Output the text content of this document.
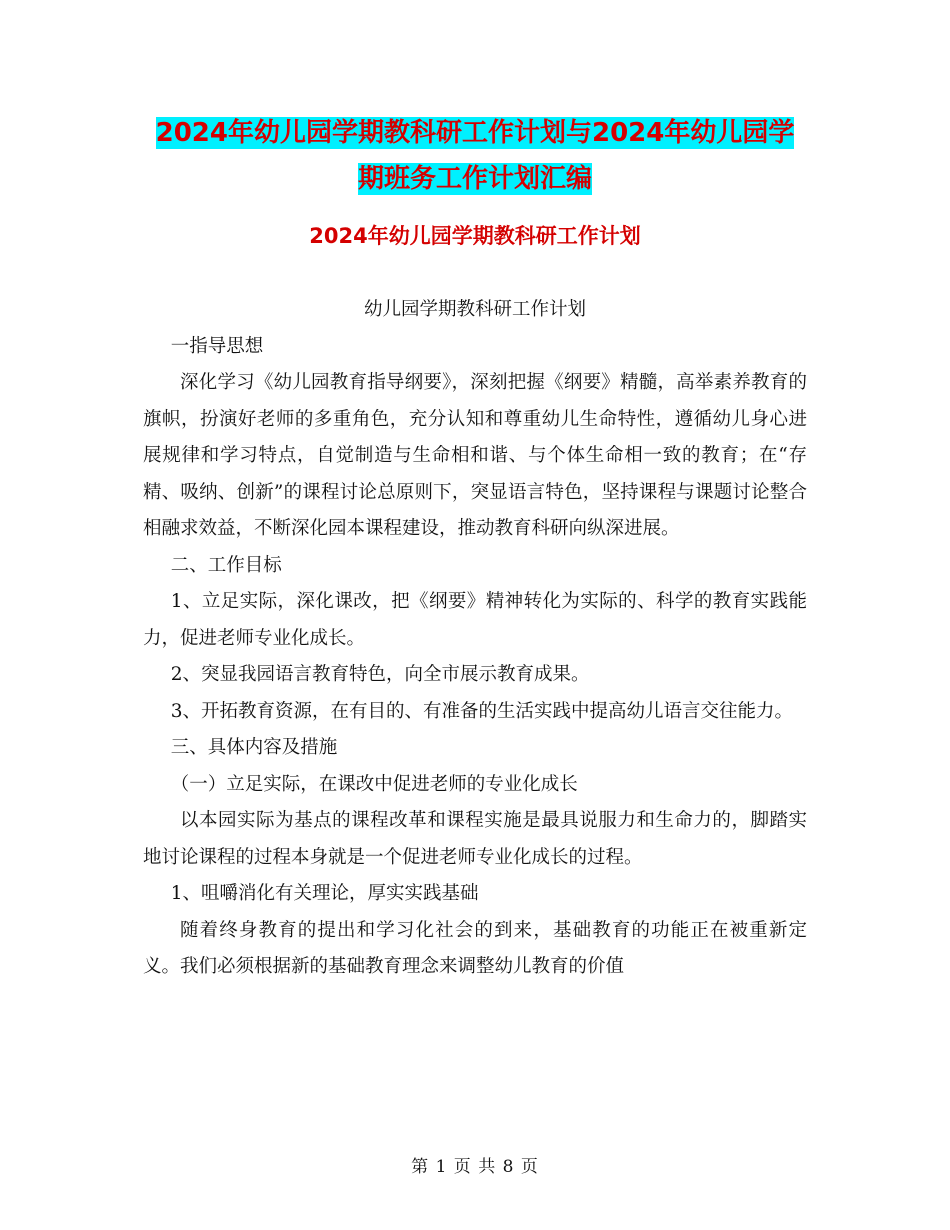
2024年幼儿园学期教科研工作计划与2024年幼儿园学
期班务工作计划汇编
2024年幼儿园学期教科研工作计划

幼儿园学期教科研工作计划

一指导思想

深化学习《幼儿园教育指导纲要》，深刻把握《纲要》精髓，高举素养教育的旗帜，扮演好老师的多重角色，充分认知和尊重幼儿生命特性，遵循幼儿身心进展规律和学习特点，自觉制造与生命相和谐、与个体生命相一致的教育；在“存精、吸纳、创新”的课程讨论总原则下，突显语言特色，坚持课程与课题讨论整合相融求效益，不断深化园本课程建设，推动教育科研向纵深进展。

二、工作目标

1、立足实际，深化课改，把《纲要》精神转化为实际的、科学的教育实践能力，促进老师专业化成长。

2、突显我园语言教育特色，向全市展示教育成果。

3、开拓教育资源，在有目的、有准备的生活实践中提高幼儿语言交往能力。

三、具体内容及措施

（一）立足实际，在课改中促进老师的专业化成长

以本园实际为基点的课程改革和课程实施是最具说服力和生命力的，脚踏实地讨论课程的过程本身就是一个促进老师专业化成长的过程。

1、咀嚼消化有关理论，厚实实践基础

随着终身教育的提出和学习化社会的到来，基础教育的功能正在被重新定义。我们必须根据新的基础教育理念来调整幼儿教育的价值

第 1 页 共 8 页
